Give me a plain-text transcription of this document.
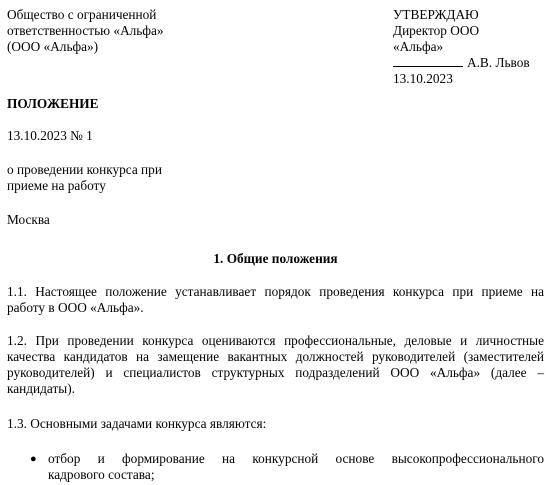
Общество с ограниченной
ответственностью «Альфа»
(ООО «Альфа»)
УТВЕРЖДАЮ
Директор ООО
«Альфа»
А.В. Львов
13.10.2023
ПОЛОЖЕНИЕ
13.10.2023 № 1
о проведении конкурса при
приеме на работу
Москва
1. Общие положения
1.1. Настоящее положение устанавливает порядок проведения конкурса при приеме на
работу в ООО «Альфа».
1.2. При проведении конкурса оцениваются профессиональные, деловые и личностные
качества кандидатов на замещение вакантных должностей руководителей (заместителей
руководителей) и специалистов структурных подразделений ООО «Альфа» (далее –
кандидаты).
1.3. Основными задачами конкурса являются:
● отбор и формирование на конкурсной основе высокопрофессионального
кадрового состава;
